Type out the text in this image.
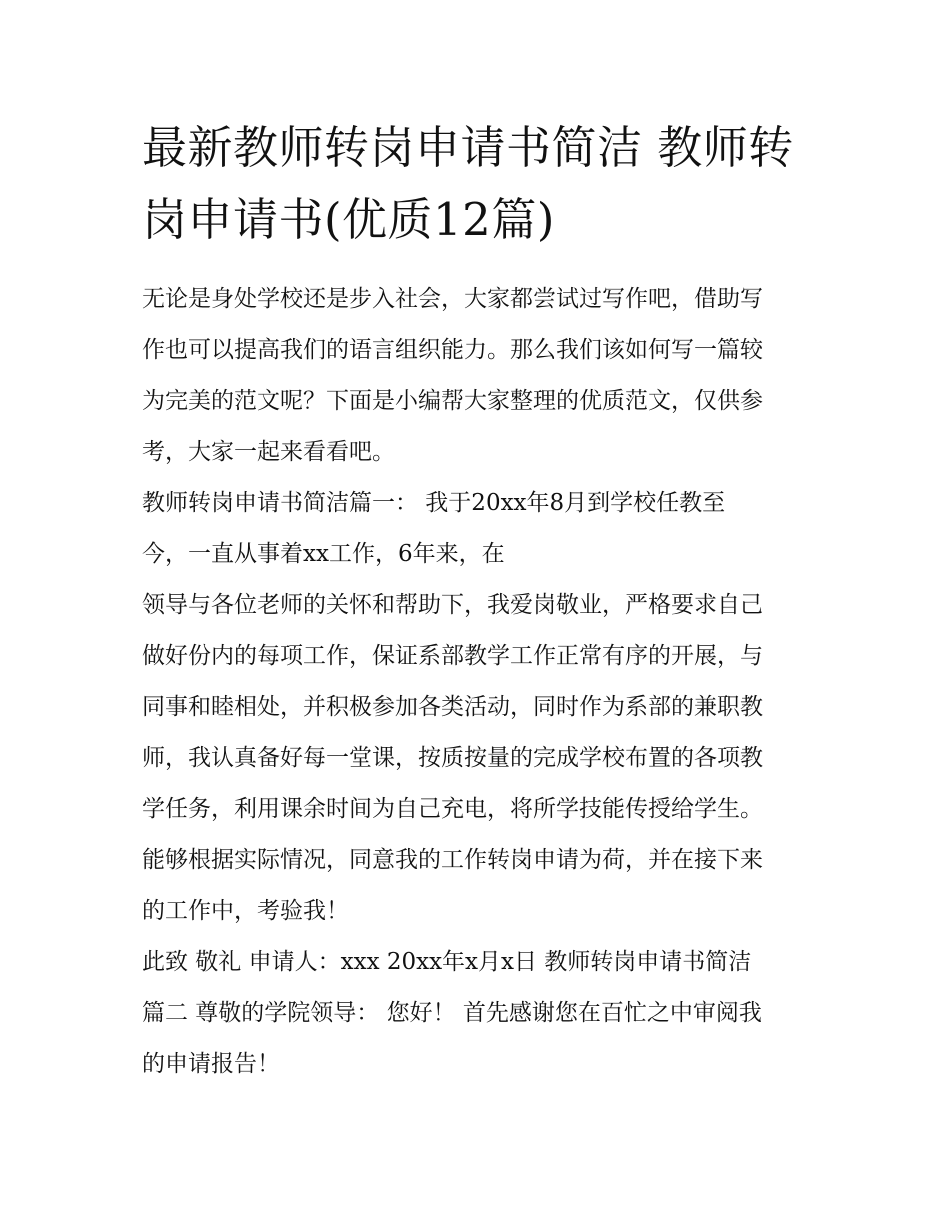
最新教师转岗申请书简洁 教师转岗申请书(优质12篇)

无论是身处学校还是步入社会，大家都尝试过写作吧，借助写
作也可以提高我们的语言组织能力。那么我们该如何写一篇较
为完美的范文呢？下面是小编帮大家整理的优质范文，仅供参
考，大家一起来看看吧。

教师转岗申请书简洁篇一： 我于20xx年8月到学校任教至
今，一直从事着xx工作，6年来，在
领导与各位老师的关怀和帮助下，我爱岗敬业，严格要求自己
做好份内的每项工作，保证系部教学工作正常有序的开展，与
同事和睦相处，并积极参加各类活动，同时作为系部的兼职教
师，我认真备好每一堂课，按质按量的完成学校布置的各项教
学任务，利用课余时间为自己充电，将所学技能传授给学生。
能够根据实际情况，同意我的工作转岗申请为荷，并在接下来
的工作中，考验我！

此致 敬礼 申请人：xxx 20xx年x月x日 教师转岗申请书简洁
篇二 尊敬的学院领导： 您好！ 首先感谢您在百忙之中审阅我
的申请报告！
